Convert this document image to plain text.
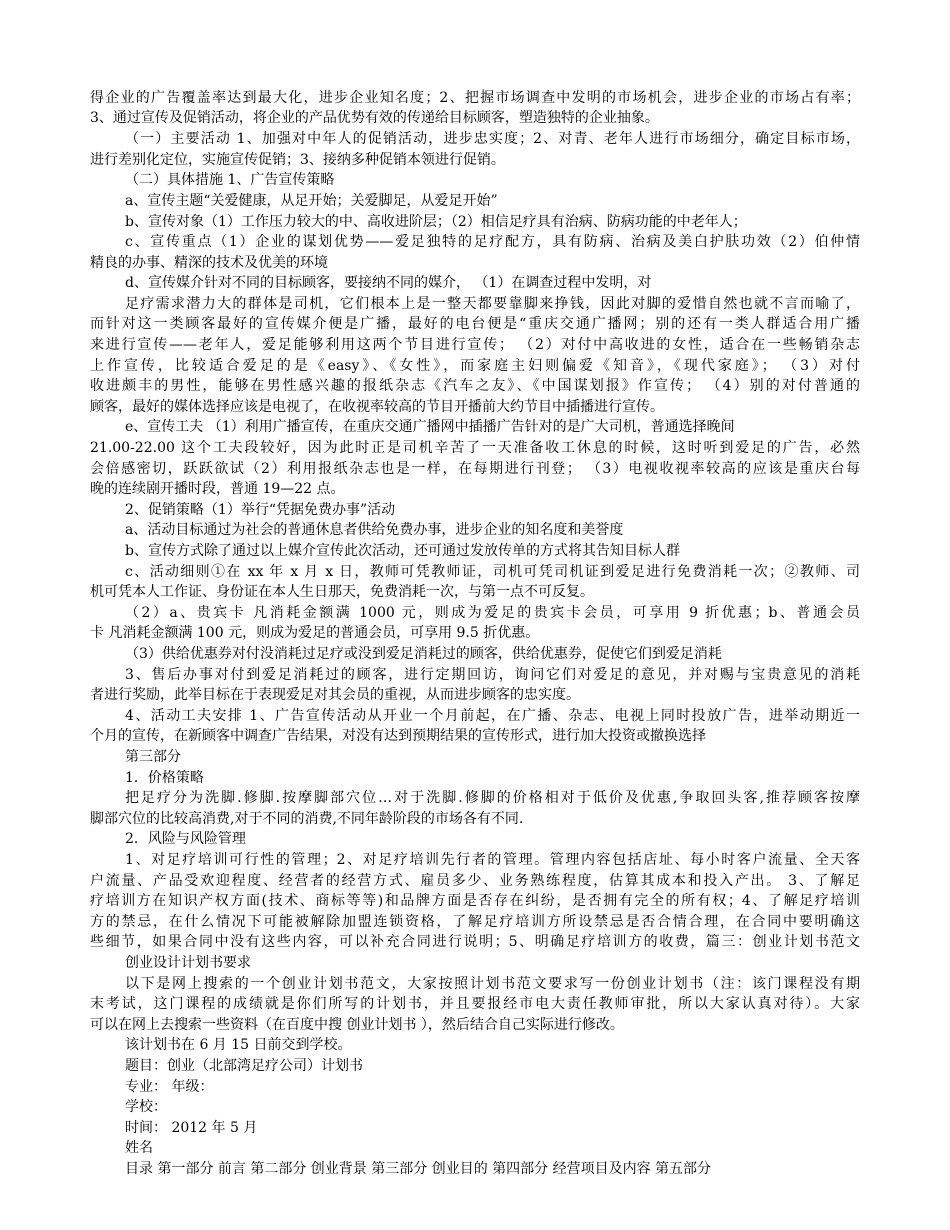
得企业的广告覆盖率达到最大化，进步企业知名度；2、把握市场调查中发明的市场机会，进步企业的市场占有率；
3、通过宣传及促销活动，将企业的产品优势有效的传递给目标顾客，塑造独特的企业抽象。
（一）主要活动 1、加强对中年人的促销活动，进步忠实度；2、对青、老年人进行市场细分，确定目标市场，
进行差别化定位，实施宣传促销；3、接纳多种促销本领进行促销。
（二）具体措施 1、广告宣传策略
a、宣传主题“关爱健康，从足开始；关爱脚足，从爱足开始”
b、宣传对象（1）工作压力较大的中、高收进阶层；（2）相信足疗具有治病、防病功能的中老年人；
c、宣传重点（1）企业的谋划优势——爱足独特的足疗配方，具有防病、治病及美白护肤功效（2）伯仲情
精良的办事、精深的技术及优美的环境
d、宣传媒介针对不同的目标顾客，要接纳不同的媒介， （1）在调查过程中发明，对
足疗需求潜力大的群体是司机，它们根本上是一整天都要靠脚来挣钱，因此对脚的爱惜自然也就不言而喻了，
而针对这一类顾客最好的宣传媒介便是广播，最好的电台便是“重庆交通广播网；别的还有一类人群适合用广播
来进行宣传——老年人，爱足能够利用这两个节目进行宣传； （2）对付中高收进的女性，适合在一些畅销杂志
上作宣传，比较适合爱足的是《easy》、《女性》，而家庭主妇则偏爱《知音》，《现代家庭》； （3）对付
收进颇丰的男性，能够在男性感兴趣的报纸杂志《汽车之友》、《中国谋划报》作宣传； （4）别的对付普通的
顾客，最好的媒体选择应该是电视了，在收视率较高的节目开播前大约节目中插播进行宣传。
e、宣传工夫 （1）利用广播宣传，在重庆交通广播网中插播广告针对的是广大司机，普通选择晚间
21.00-22.00 这个工夫段较好，因为此时正是司机辛苦了一天准备收工休息的时候，这时听到爱足的广告，必然
会倍感密切，跃跃欲试（2）利用报纸杂志也是一样，在每期进行刊登； （3）电视收视率较高的应该是重庆台每
晚的连续剧开播时段，普通 19—22 点。
2、促销策略（1）举行“凭据免费办事”活动
a、活动目标通过为社会的普通休息者供给免费办事，进步企业的知名度和美誉度
b、宣传方式除了通过以上媒介宣传此次活动，还可通过发放传单的方式将其告知目标人群
c、活动细则①在 xx 年 x 月 x 日，教师可凭教师证，司机可凭司机证到爱足进行免费消耗一次；②教师、司
机可凭本人工作证、身份证在本人生日那天，免费消耗一次，与第一点不可反复。
（2）a、贵宾卡 凡消耗金额满 1000 元，则成为爱足的贵宾卡会员，可享用 9 折优惠；b、普通会员
卡 凡消耗金额满 100 元，则成为爱足的普通会员，可享用 9.5 折优惠。
（3）供给优惠券对付没消耗过足疗或没到爱足消耗过的顾客，供给优惠券，促使它们到爱足消耗
3、售后办事对付到爱足消耗过的顾客，进行定期回访，询问它们对爱足的意见，并对赐与宝贵意见的消耗
者进行奖励，此举目标在于表现爱足对其会员的重视，从而进步顾客的忠实度。
4、活动工夫安排 1、广告宣传活动从开业一个月前起，在广播、杂志、电视上同时投放广告，进举动期近一
个月的宣传，在新顾客中调查广告结果，对没有达到预期结果的宣传形式，进行加大投资或撤换选择
第三部分
1．价格策略
把足疗分为洗脚.修脚.按摩脚部穴位…对于洗脚.修脚的价格相对于低价及优惠,争取回头客,推荐顾客按摩
脚部穴位的比较高消费,对于不同的消费,不同年龄阶段的市场各有不同.
2．风险与风险管理
1、对足疗培训可行性的管理；2、对足疗培训先行者的管理。管理内容包括店址、每小时客户流量、全天客
户流量、产品受欢迎程度、经营者的经营方式、雇员多少、业务熟练程度，估算其成本和投入产出。 3、了解足
疗培训方在知识产权方面(技术、商标等等)和品牌方面是否存在纠纷，是否拥有完全的所有权；4、了解足疗培训
方的禁忌，在什么情况下可能被解除加盟连锁资格，了解足疗培训方所设禁忌是否合情合理，在合同中要明确这
些细节，如果合同中没有这些内容，可以补充合同进行说明；5、明确足疗培训方的收费，篇三：创业计划书范文
创业设计计划书要求
以下是网上搜索的一个创业计划书范文，大家按照计划书范文要求写一份创业计划书（注：该门课程没有期
末考试，这门课程的成绩就是你们所写的计划书，并且要报经市电大责任教师审批，所以大家认真对待）。大家
可以在网上去搜索一些资料（在百度中搜 创业计划书 ），然后结合自己实际进行修改。
该计划书在 6 月 15 日前交到学校。
题目：创业（北部湾足疗公司）计划书
专业： 年级：
学校：
时间： 2012 年 5 月
姓名
目录 第一部分 前言 第二部分 创业背景 第三部分 创业目的 第四部分 经营项目及内容 第五部分
